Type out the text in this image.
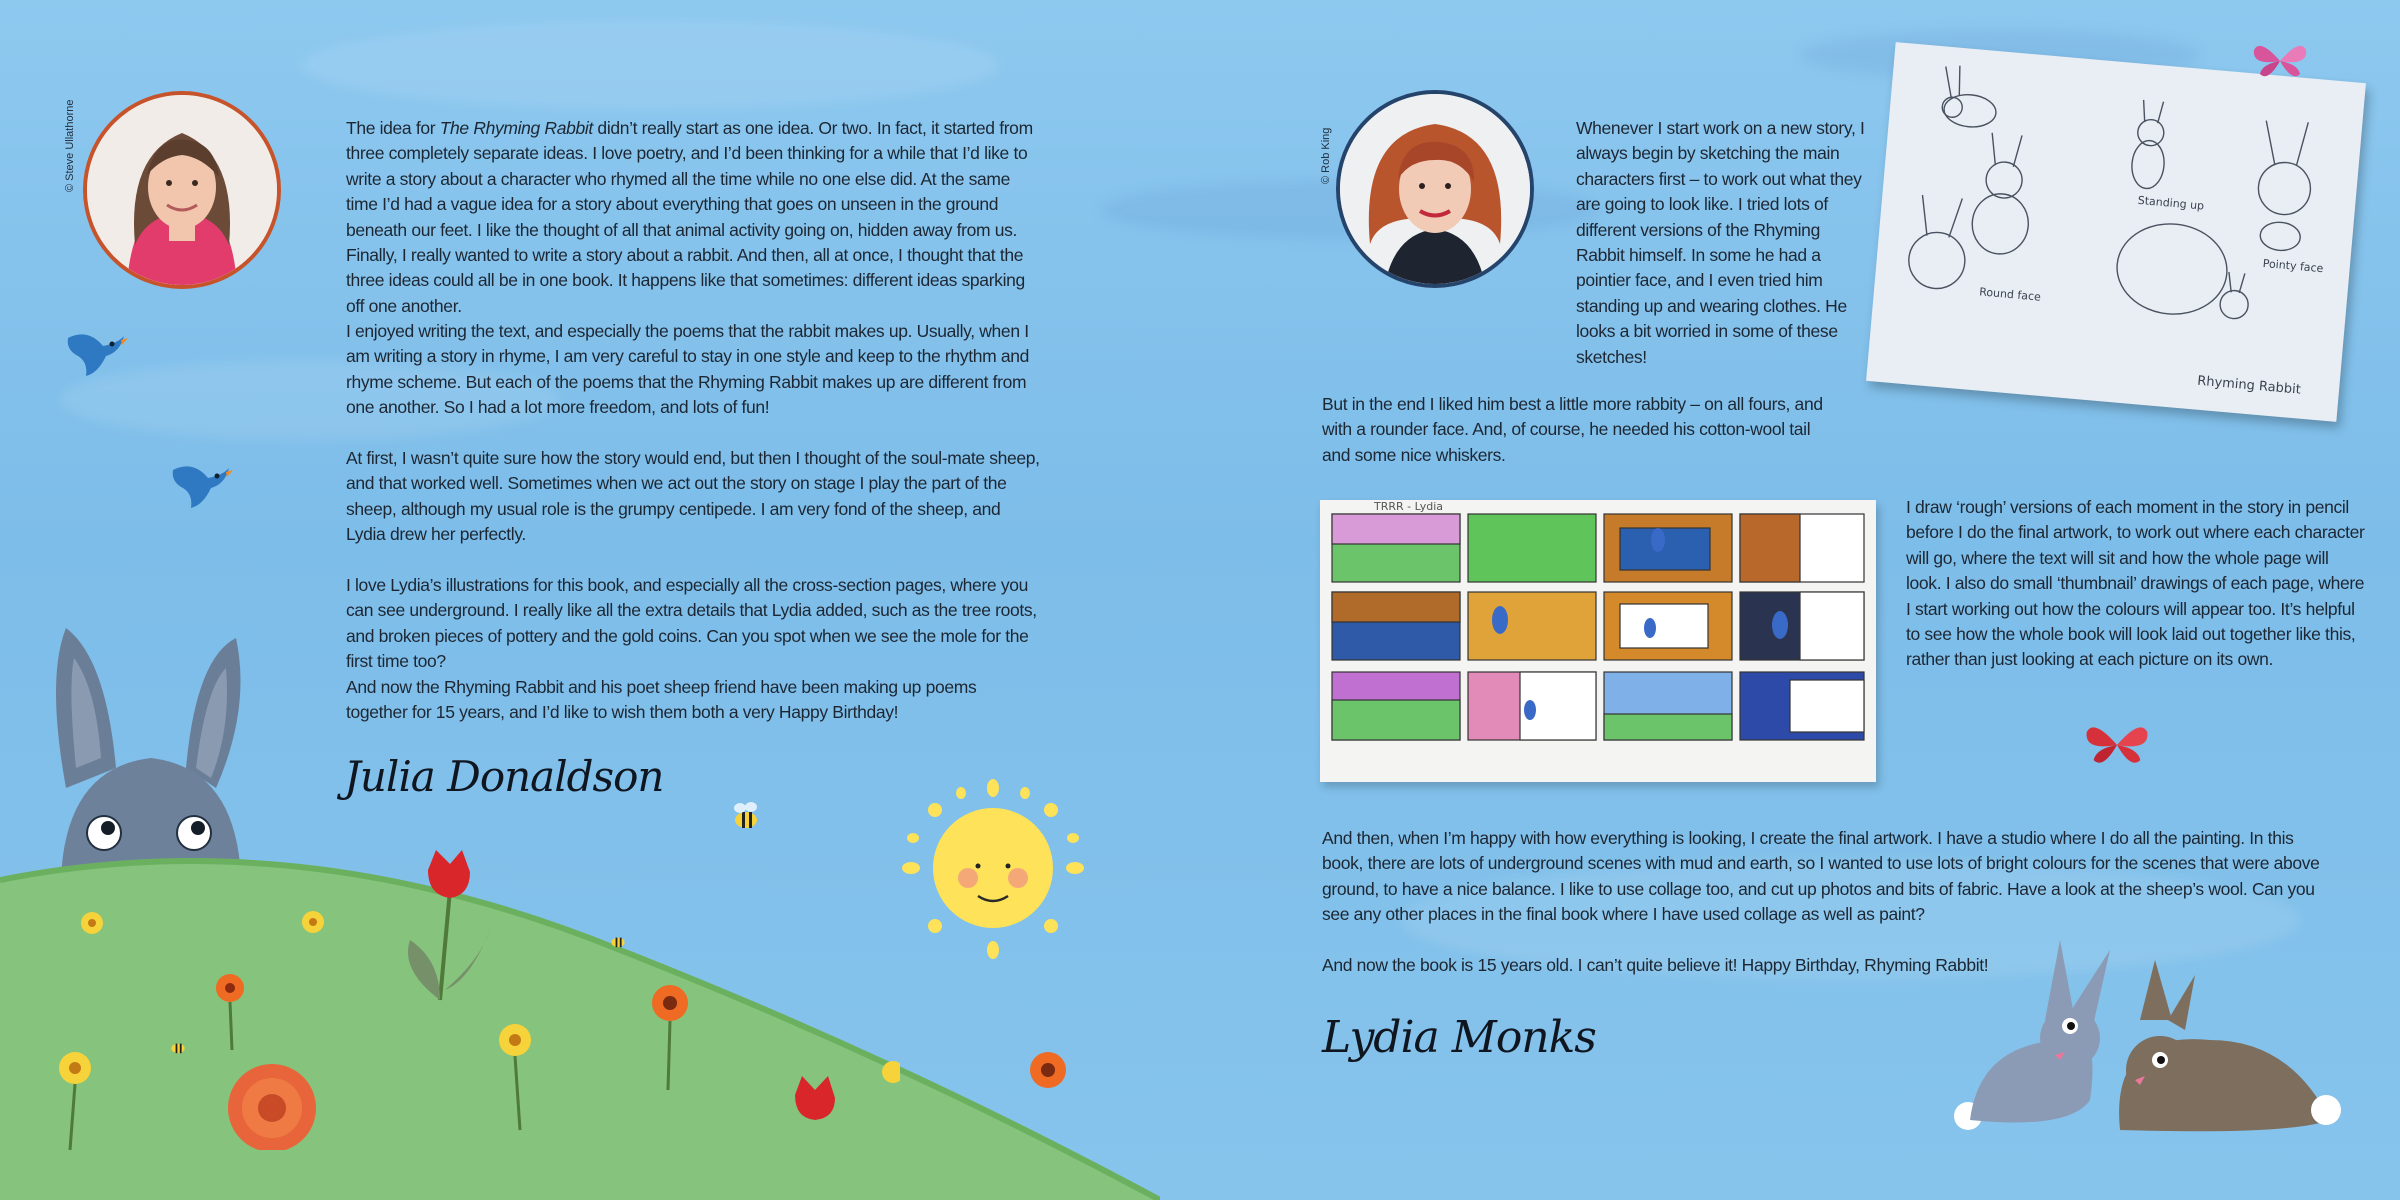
© Steve Ullathorne	The idea for The Rhyming Rabbit didn’t really start as one idea. Or two. In fact, it started from three completely separate ideas. I love poetry, and I’d been thinking for a while that I’d like to write a story about a character who rhymed all the time while no one else did. At the same time I’d had a vague idea for a story about everything that goes on unseen in the ground beneath our feet. I like the thought of all that animal activity going on, hidden away from us. Finally, I really wanted to write a story about a rabbit. And then, all at once, I thought that the three ideas could all be in one book. It happens like that sometimes: different ideas sparking off one another.

I enjoyed writing the text, and especially the poems that the rabbit makes up. Usually, when I am writing a story in rhyme, I am very careful to stay in one style and keep to the rhythm and rhyme scheme. But each of the poems that the Rhyming Rabbit makes up are different from one another. So I had a lot more freedom, and lots of fun!

At first, I wasn’t quite sure how the story would end, but then I thought of the soul-mate sheep, and that worked well. Sometimes when we act out the story on stage I play the part of the sheep, although my usual role is the grumpy centipede. I am very fond of the sheep, and Lydia drew her perfectly.

I love Lydia’s illustrations for this book, and especially all the cross-section pages, where you can see underground. I really like all the extra details that Lydia added, such as the tree roots, and broken pieces of pottery and the gold coins. Can you spot when we see the mole for the first time too?

And now the Rhyming Rabbit and his poet sheep friend have been making up poems together for 15 years, and I’d like to wish them both a very Happy Birthday!

Julia Donaldson
© Rob King	Whenever I start work on a new story, I always begin by sketching the main characters first – to work out what they are going to look like. I tried lots of different versions of the Rhyming Rabbit himself. In some he had a pointier face, and I even tried him standing up and wearing clothes. He looks a bit worried in some of these sketches!

But in the end I liked him best a little more rabbity – on all fours, and with a rounder face. And, of course, he needed his cotton-wool tail and some nice whiskers.

I draw ‘rough’ versions of each moment in the story in pencil before I do the final artwork, to work out where each character will go, where the text will sit and how the whole page will look. I also do small ‘thumbnail’ drawings of each page, where I start working out how the colours will appear too. It’s helpful to see how the whole book will look laid out together like this, rather than just looking at each picture on its own.

And then, when I’m happy with how everything is looking, I create the final artwork. I have a studio where I do all the painting. In this book, there are lots of underground scenes with mud and earth, so I wanted to use lots of bright colours for the scenes that were above ground, to have a nice balance. I like to use collage too, and cut up photos and bits of fabric. Have a look at the sheep’s wool. Can you see any other places in the final book where I have used collage as well as paint?

And now the book is 15 years old. I can’t quite believe it! Happy Birthday, Rhyming Rabbit!

Lydia Monks
Standing up
Round face
Pointy face
Rhyming Rabbit
TRRR - Lydia
